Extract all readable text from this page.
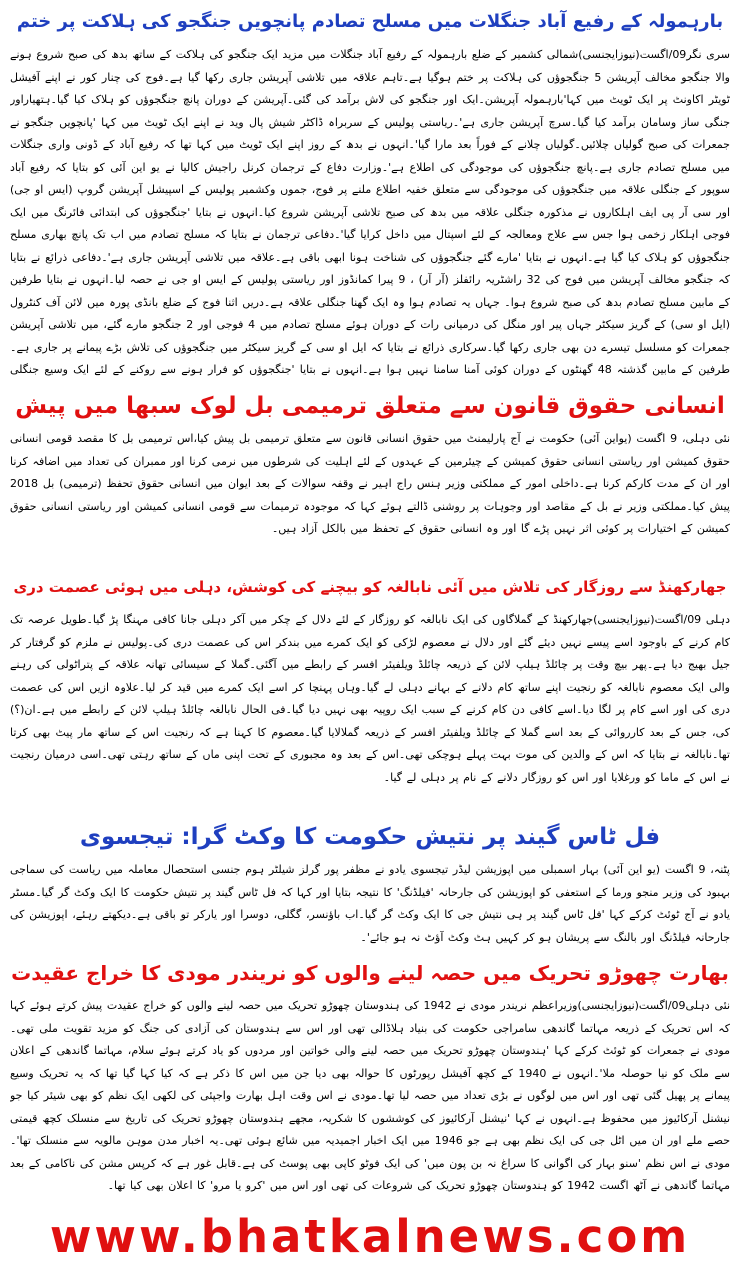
بارہمولہ کے رفیع آباد جنگلات میں مسلح تصادم پانچویں جنگجو کی ہلاکت پر ختم

سری نگر09/اگست(نیوزایجنسی)شمالی کشمیر کے ضلع بارہمولہ کے رفیع آباد جنگلات میں مزید ایک جنگجو کی ہلاکت کے ساتھ بدھ کی صبح شروع ہونے والا جنگجو مخالف آپریشن 5 جنگجوؤں کی ہلاکت پر ختم ہوگیا ہے۔تاہم علاقہ میں تلاشی آپریشن جاری رکھا گیا ہے۔فوج کی چنار کور نے اپنے آفیشل ٹویٹر اکاونٹ پر ایک ٹویٹ میں کہا'بارہمولہ آپریشن۔ایک اور جنگجو کی لاش برآمد کی گئی۔آپریشن کے دوران پانچ جنگجوؤں کو ہلاک کیا گیا۔ہتھیاراور جنگی ساز وسامان برآمد کیا گیا۔سرچ آپریشن جاری ہے'۔ریاستی پولیس کے سربراہ ڈاکٹر شیش پال وید نے اپنے ایک ٹویٹ میں کہا 'پانچویں جنگجو نے جمعرات کی صبح گولیاں چلائیں۔گولیاں چلانے کے فوراً بعد مارا گیا'۔انہوں نے بدھ کے روز اپنے ایک ٹویٹ میں کہا تھا کہ رفیع آباد کے ڈونی واری جنگلات میں مسلح تصادم جاری ہے۔پانچ جنگجوؤں کی موجودگی کی اطلاع ہے'۔وزارت دفاع کے ترجمان کرنل راجیش کالیا نے یو این آئی کو بتایا کہ رفیع آباد سوپور کے جنگلی علاقہ میں جنگجوؤں کی موجودگی سے متعلق خفیہ اطلاع ملنے پر فوج، جموں وکشمیر پولیس کے اسپیشل آپریشن گروپ (ایس او جی) اور سی آر پی ایف اہلکاروں نے مذکورہ جنگلی علاقہ میں بدھ کی صبح تلاشی آپریشن شروع کیا۔انہوں نے بتایا 'جنگجوؤں کی ابتدائی فائرنگ میں ایک فوجی اہلکار زخمی ہوا جس سے علاج ومعالجہ کے لئے اسپتال میں داخل کرایا گیا'۔دفاعی ترجمان نے بتایا کہ مسلح تصادم میں اب تک پانچ بھاری مسلح جنگجوؤں کو ہلاک کیا گیا ہے۔انہوں نے بتایا 'مارے گئے جنگجوؤں کی شناخت ہونا ابھی باقی ہے۔علاقہ میں تلاشی آپریشن جاری ہے'۔دفاعی ذرائع نے بتایا کہ جنگجو مخالف آپریشن میں فوج کی 32 راشٹریہ رائفلز (آر آر) ، 9 پیرا کمانڈوز اور ریاستی پولیس کے ایس او جی نے حصہ لیا۔انہوں نے بتایا طرفین کے مابین مسلح تصادم بدھ کی صبح شروع ہوا۔ جہاں یہ تصادم ہوا وہ ایک گھنا جنگلی علاقہ ہے۔دریں اثنا فوج کے ضلع بانڈی پورہ میں لائن آف کنٹرول (ایل او سی) کے گریز سیکٹر جہاں پیر اور منگل کی درمیانی رات کے دوران ہوئے مسلح تصادم میں 4 فوجی اور 2 جنگجو مارے گئے، میں تلاشی آپریشن جمعرات کو مسلسل تیسرے دن بھی جاری رکھا گیا۔سرکاری ذرائع نے بتایا کہ ایل او سی کے گریز سیکٹر میں جنگجوؤں کی تلاش بڑے پیمانے پر جاری ہے۔طرفین کے مابین گذشتہ 48 گھنٹوں کے دوران کوئی آمنا سامنا نہیں ہوا ہے۔انہوں نے بتایا 'جنگجوؤں کو فرار ہونے سے روکنے کے لئے ایک وسیع جنگلی

انسانی حقوق قانون سے متعلق ترمیمی بل لوک سبھا میں پیش

نئی دہلی، 9 اگست (یواین آئی) حکومت نے آج پارلیمنٹ میں حقوق انسانی قانون سے متعلق ترمیمی بل پیش کیا،اس ترمیمی بل کا مقصد قومی انسانی حقوق کمیشن اور ریاستی انسانی حقوق کمیشن کے چیئرمین کے عہدوں کے لئے اہلیت کی شرطوں میں نرمی کرنا اور ممبران کی تعداد میں اضافہ کرنا اور ان کے مدت کارکم کرنا ہے۔داخلی امور کے مملکتی وزیر ہنس راج اہیر نے وقفہ سوالات کے بعد ایوان میں انسانی حقوق تحفظ (ترمیمی) بل 2018 پیش کیا۔مملکتی وزیر نے بل کے مقاصد اور وجوہات پر روشنی ڈالتے ہوئے کہا کہ موجودہ ترمیمات سے قومی انسانی کمیشن اور ریاستی انسانی حقوق کمیشن کے اختیارات پر کوئی اثر نہیں پڑے گا اور وہ انسانی حقوق کے تحفظ میں بالکل آزاد ہیں۔

جھارکھنڈ سے روزگار کی تلاش میں آئی نابالغہ کو بیچنے کی کوشش، دہلی میں ہوئی عصمت دری

دہلی 09/اگست(نیوزایجنسی)جھارکھنڈ کے گملاگاوں کی ایک نابالغہ کو روزگار کے لئے دلال کے چکر میں آکر دہلی جانا کافی مہنگا پڑ گیا۔طویل عرصہ تک کام کرنے کے باوجود اسے پیسے نہیں دیئے گئے اور دلال نے معصوم لڑکی کو ایک کمرے میں بندکر اس کی عصمت دری کی۔پولیس نے ملزم کو گرفتار کر جیل بھیج دیا ہے۔پھر بیچ وقت پر چائلڈ ہیلپ لائن کے ذریعہ چائلڈ ویلفیئر افسر کے رابطے میں آگئی۔گملا کے سیسائی تھانہ علاقہ کے پتراٹولی کی رہنے والی ایک معصوم نابالغہ کو رنجیت اپنے ساتھ کام دلانے کے بہانے دہلی لے گیا۔وہاں پہنچا کر اسے ایک کمرے میں قید کر لیا۔علاوہ ازیں اس کی عصمت دری کی اور اسے کام پر لگا دیا۔اسے کافی دن کام کرنے کے سبب ایک روپیہ بھی نہیں دیا گیا۔فی الحال نابالغہ چائلڈ ہیلپ لائن کے رابطے میں ہے۔ان(؟) کی، جس کے بعد کارروائی کے بعد اسے گملا کے چائلڈ ویلفیئر افسر کے ذریعہ گملالایا گیا۔معصوم کا کہنا ہے کہ رنجیت اس کے ساتھ مار پیٹ بھی کرتا تھا۔نابالغہ نے بتایا کہ اس کے والدین کی موت بہت پہلے ہوچکی تھی۔اس کے بعد وہ مجبوری کے تحت اپنی ماں کے ساتھ رہتی تھی۔اسی درمیان رنجیت نے اس کے ماما کو ورغلایا اور اس کو روزگار دلانے کے نام پر دہلی لے گیا۔

فل ٹاس گیند پر نتیش حکومت کا وکٹ گرا: تیجسوی

پٹنہ، 9 اگست (یو این آئی) بہار اسمبلی میں اپوزیشن لیڈر تیجسوی یادو نے مظفر پور گرلز شیلٹر ہوم جنسی استحصال معاملہ میں ریاست کی سماجی بہبود کی وزیر منجو ورما کے استعفی کو اپوزیشن کی جارحانہ 'فیلڈنگ' کا نتیجہ بتایا اور کہا کہ فل ٹاس گیند پر نتیش حکومت کا ایک وکٹ گر گیا۔مسٹر یادو نے آج ٹوئٹ کرکے کہا 'فل ٹاس گیند پر ہی نتیش جی کا ایک وکٹ گر گیا۔اب باؤنسر، گگلی، دوسرا اور یارکر تو باقی ہے۔دیکھتے رہئے، اپوزیشن کی جارحانہ فیلڈنگ اور بالنگ سے پریشان ہو کر کہیں ہٹ وکٹ آؤٹ نہ ہو جائے'۔

بھارت چھوڑو تحریک میں حصہ لینے والوں کو نریندر مودی کا خراج عقیدت

نئی دہلی09/اگست(نیوزایجنسی)وزیراعظم نریندر مودی نے 1942 کی ہندوستان چھوڑو تحریک میں حصہ لینے والوں کو خراج عقیدت پیش کرتے ہوئے کہا کہ اس تحریک کے ذریعہ مہاتما گاندھی سامراجی حکومت کی بنیاد ہلاڈالی تھی اور اس سے ہندوستان کی آزادی کی جنگ کو مزید تقویت ملی تھی۔مودی نے جمعرات کو ٹوئٹ کرکے کہا 'ہندوستان چھوڑو تحریک میں حصہ لینے والی خواتین اور مردوں کو یاد کرتے ہوئے سلام، مہاتما گاندھی کے اعلان سے ملک کو نیا حوصلہ ملا'۔انہوں نے 1940 کے کچھ آفیشل رپورٹوں کا حوالہ بھی دیا جن میں اس کا ذکر ہے کہ کیا کہا گیا تھا کہ یہ تحریک وسیع پیمانے پر پھیل گئی تھی اور اس میں لوگوں نے بڑی تعداد میں حصہ لیا تھا۔مودی نے اس وقت اہل بھارت واجپئی کی لکھی ایک نظم کو بھی شیئر کیا جو نیشنل آرکائیوز میں محفوظ ہے۔انہوں نے کہا 'نیشنل آرکائیوز کی کوششوں کا شکریہ، مجھے ہندوستان چھوڑو تحریک کی تاریخ سے منسلک کچھ قیمتی حصے ملے اور ان میں اٹل جی کی ایک نظم بھی ہے جو 1946 میں ایک اخبار اجمیدیہ میں شائع ہوئی تھی۔یہ اخبار مدن موہن مالویہ سے منسلک تھا'۔مودی نے اس نظم 'سنو بہار کی اگوانی کا سراغ نہ بن پون میں' کی ایک فوٹو کاپی بھی پوسٹ کی ہے۔قابل غور ہے کہ کرپس مشن کی ناکامی کے بعد مہاتما گاندھی نے آٹھ اگست 1942 کو ہندوستان چھوڑو تحریک کی شروعات کی تھی اور اس میں 'کرو یا مرو' کا اعلان بھی کیا تھا۔

www.bhatkalnews.com
